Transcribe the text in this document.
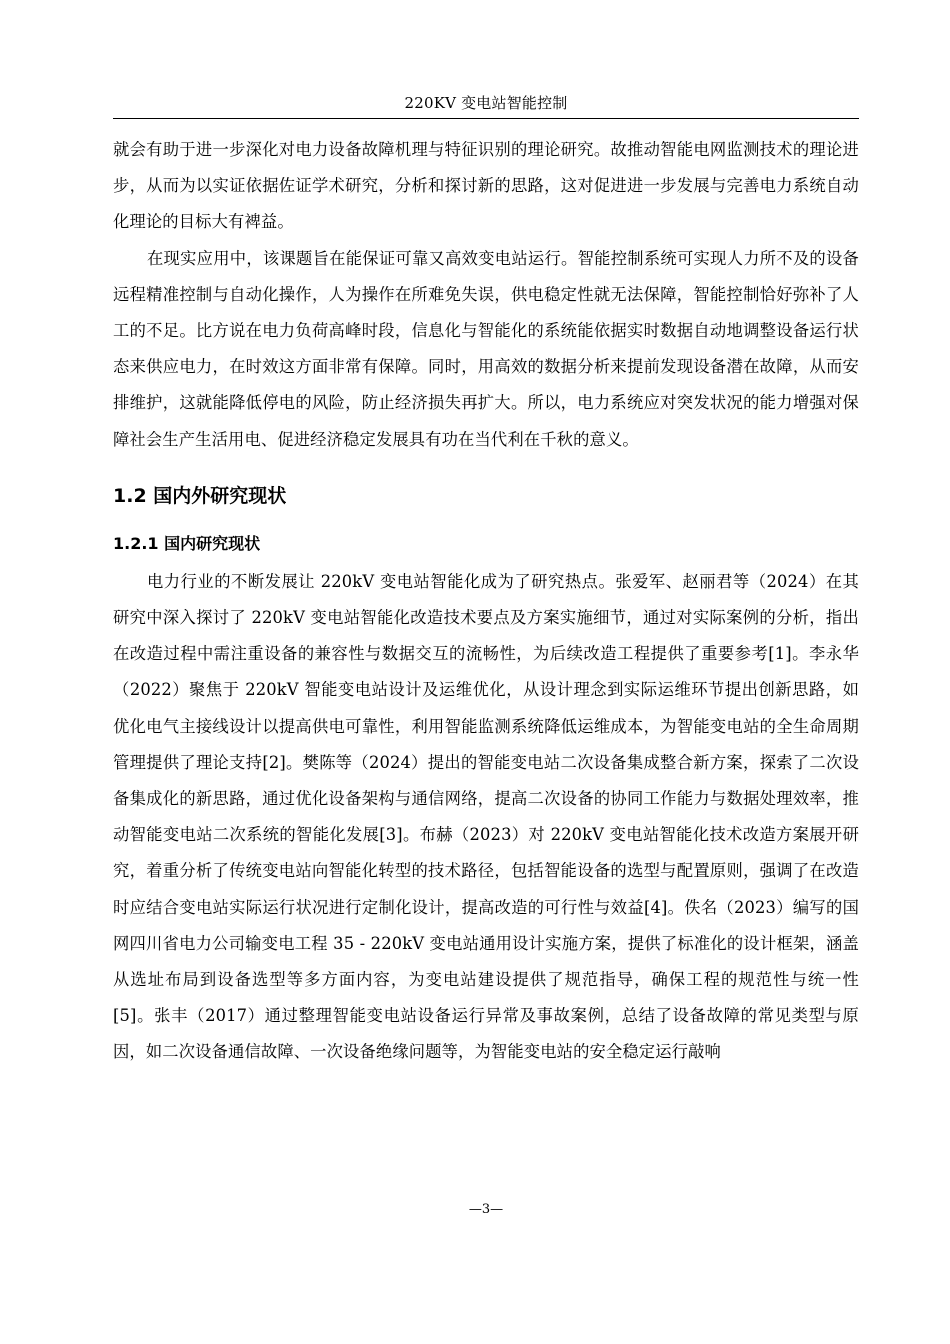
220KV 变电站智能控制

就会有助于进一步深化对电力设备故障机理与特征识别的理论研究。故推动智能电网监测技术的理论进步，从而为以实证依据佐证学术研究，分析和探讨新的思路，这对促进进一步发展与完善电力系统自动化理论的目标大有裨益。

在现实应用中，该课题旨在能保证可靠又高效变电站运行。智能控制系统可实现人力所不及的设备远程精准控制与自动化操作，人为操作在所难免失误，供电稳定性就无法保障，智能控制恰好弥补了人工的不足。比方说在电力负荷高峰时段，信息化与智能化的系统能依据实时数据自动地调整设备运行状态来供应电力，在时效这方面非常有保障。同时，用高效的数据分析来提前发现设备潜在故障，从而安排维护，这就能降低停电的风险，防止经济损失再扩大。所以，电力系统应对突发状况的能力增强对保障社会生产生活用电、促进经济稳定发展具有功在当代利在千秋的意义。

1.2 国内外研究现状
1.2.1 国内研究现状

电力行业的不断发展让 220kV 变电站智能化成为了研究热点。张爱军、赵丽君等（2024）在其研究中深入探讨了 220kV 变电站智能化改造技术要点及方案实施细节，通过对实际案例的分析，指出在改造过程中需注重设备的兼容性与数据交互的流畅性，为后续改造工程提供了重要参考[1]。李永华（2022）聚焦于 220kV 智能变电站设计及运维优化，从设计理念到实际运维环节提出创新思路，如优化电气主接线设计以提高供电可靠性，利用智能监测系统降低运维成本，为智能变电站的全生命周期管理提供了理论支持[2]。樊陈等（2024）提出的智能变电站二次设备集成整合新方案，探索了二次设备集成化的新思路，通过优化设备架构与通信网络，提高二次设备的协同工作能力与数据处理效率，推动智能变电站二次系统的智能化发展[3]。布赫（2023）对 220kV 变电站智能化技术改造方案展开研究，着重分析了传统变电站向智能化转型的技术路径，包括智能设备的选型与配置原则，强调了在改造时应结合变电站实际运行状况进行定制化设计，提高改造的可行性与效益[4]。佚名（2023）编写的国网四川省电力公司输变电工程 35 - 220kV 变电站通用设计实施方案，提供了标准化的设计框架，涵盖从选址布局到设备选型等多方面内容，为变电站建设提供了规范指导，确保工程的规范性与统一性[5]。张丰（2017）通过整理智能变电站设备运行异常及事故案例，总结了设备故障的常见类型与原因，如二次设备通信故障、一次设备绝缘问题等，为智能变电站的安全稳定运行敲响

—3—
